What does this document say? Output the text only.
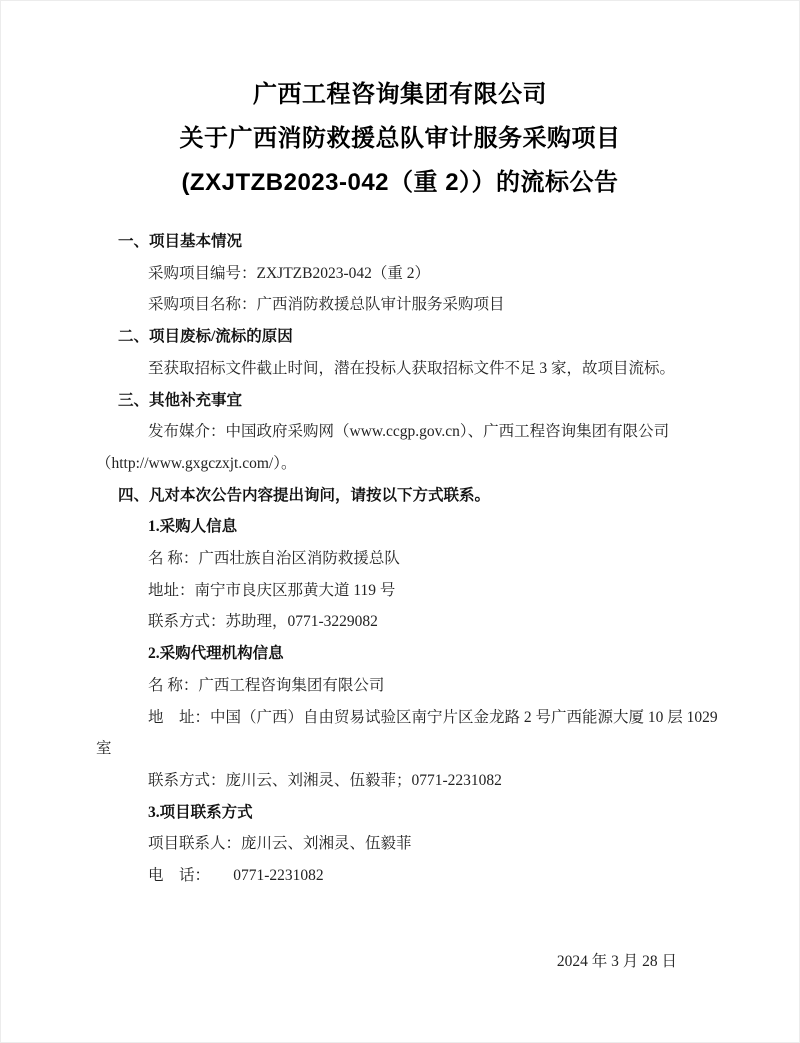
广西工程咨询集团有限公司
关于广西消防救援总队审计服务采购项目
(ZXJTZB2023-042（重 2））的流标公告
一、项目基本情况
采购项目编号：ZXJTZB2023-042（重 2）
采购项目名称：广西消防救援总队审计服务采购项目
二、项目废标/流标的原因
至获取招标文件截止时间，潜在投标人获取招标文件不足 3 家，故项目流标。
三、其他补充事宜
发布媒介：中国政府采购网（www.ccgp.gov.cn）、广西工程咨询集团有限公司
（http://www.gxgczxjt.com/）。
四、凡对本次公告内容提出询问，请按以下方式联系。
1.采购人信息
名 称：广西壮族自治区消防救援总队
地址：南宁市良庆区那黄大道 119 号
联系方式：苏助理，0771-3229082
2.采购代理机构信息
名 称：广西工程咨询集团有限公司
地　址：中国（广西）自由贸易试验区南宁片区金龙路 2 号广西能源大厦 10 层 1029
室
联系方式：庞川云、刘湘灵、伍毅菲；0771-2231082
3.项目联系方式
项目联系人：庞川云、刘湘灵、伍毅菲
电　话：　　0771-2231082
2024 年 3 月 28 日
